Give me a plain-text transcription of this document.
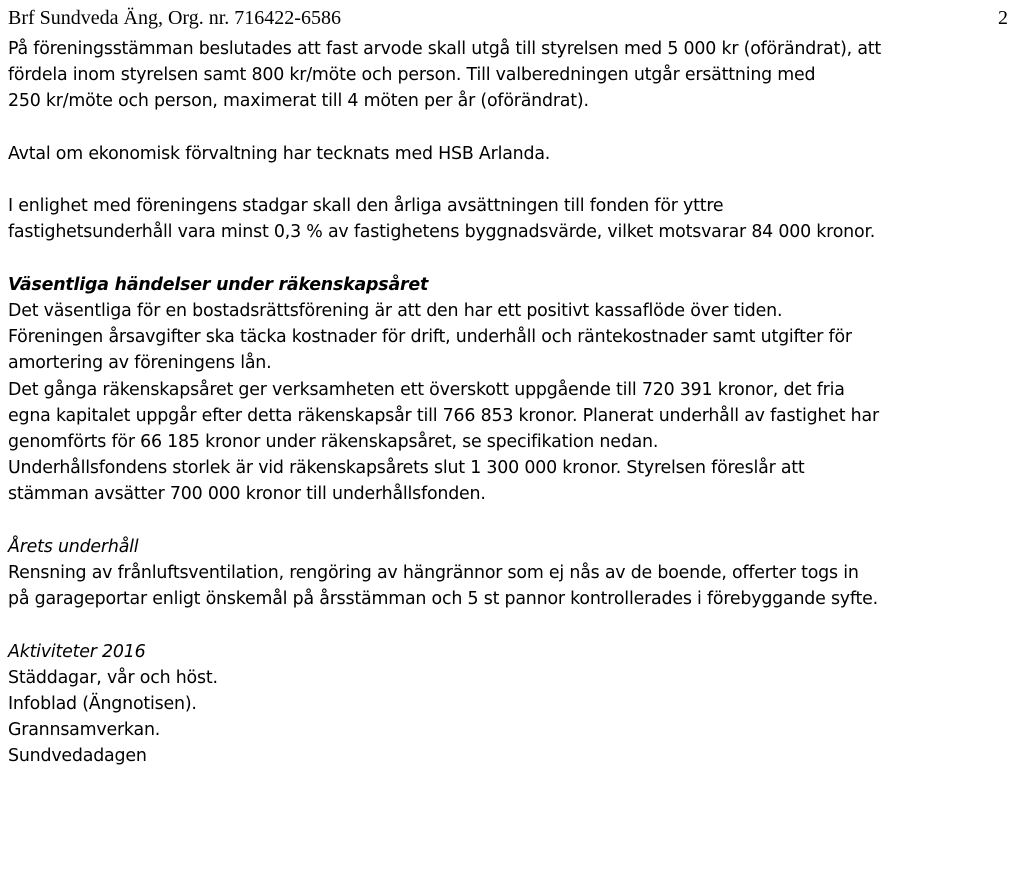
Brf Sundveda Äng, Org. nr. 716422-6586	2
På föreningsstämman beslutades att fast arvode skall utgå till styrelsen med 5 000 kr (oförändrat), att
fördela inom styrelsen samt 800 kr/möte och person. Till valberedningen utgår ersättning med
250 kr/möte och person, maximerat till 4 möten per år (oförändrat).
Avtal om ekonomisk förvaltning har tecknats med HSB Arlanda.
I enlighet med föreningens stadgar skall den årliga avsättningen till fonden för yttre
fastighetsunderhåll vara minst 0,3 % av fastighetens byggnadsvärde, vilket motsvarar 84 000 kronor.
Väsentliga händelser under räkenskapsåret
Det väsentliga för en bostadsrättsförening är att den har ett positivt kassaflöde över tiden.
Föreningen årsavgifter ska täcka kostnader för drift, underhåll och räntekostnader samt utgifter för
amortering av föreningens lån.
Det gånga räkenskapsåret ger verksamheten ett överskott uppgående till 720 391 kronor, det fria
egna kapitalet uppgår efter detta räkenskapsår till 766 853 kronor. Planerat underhåll av fastighet har
genomförts för 66 185 kronor under räkenskapsåret, se specifikation nedan.
Underhållsfondens storlek är vid räkenskapsårets slut 1 300 000 kronor. Styrelsen föreslår att
stämman avsätter 700 000 kronor till underhållsfonden.
Årets underhåll
Rensning av frånluftsventilation, rengöring av hängrännor som ej nås av de boende, offerter togs in
på garageportar enligt önskemål på årsstämman och 5 st pannor kontrollerades i förebyggande syfte.
Aktiviteter 2016
Städdagar, vår och höst.
Infoblad (Ängnotisen).
Grannsamverkan.
Sundvedadagen
